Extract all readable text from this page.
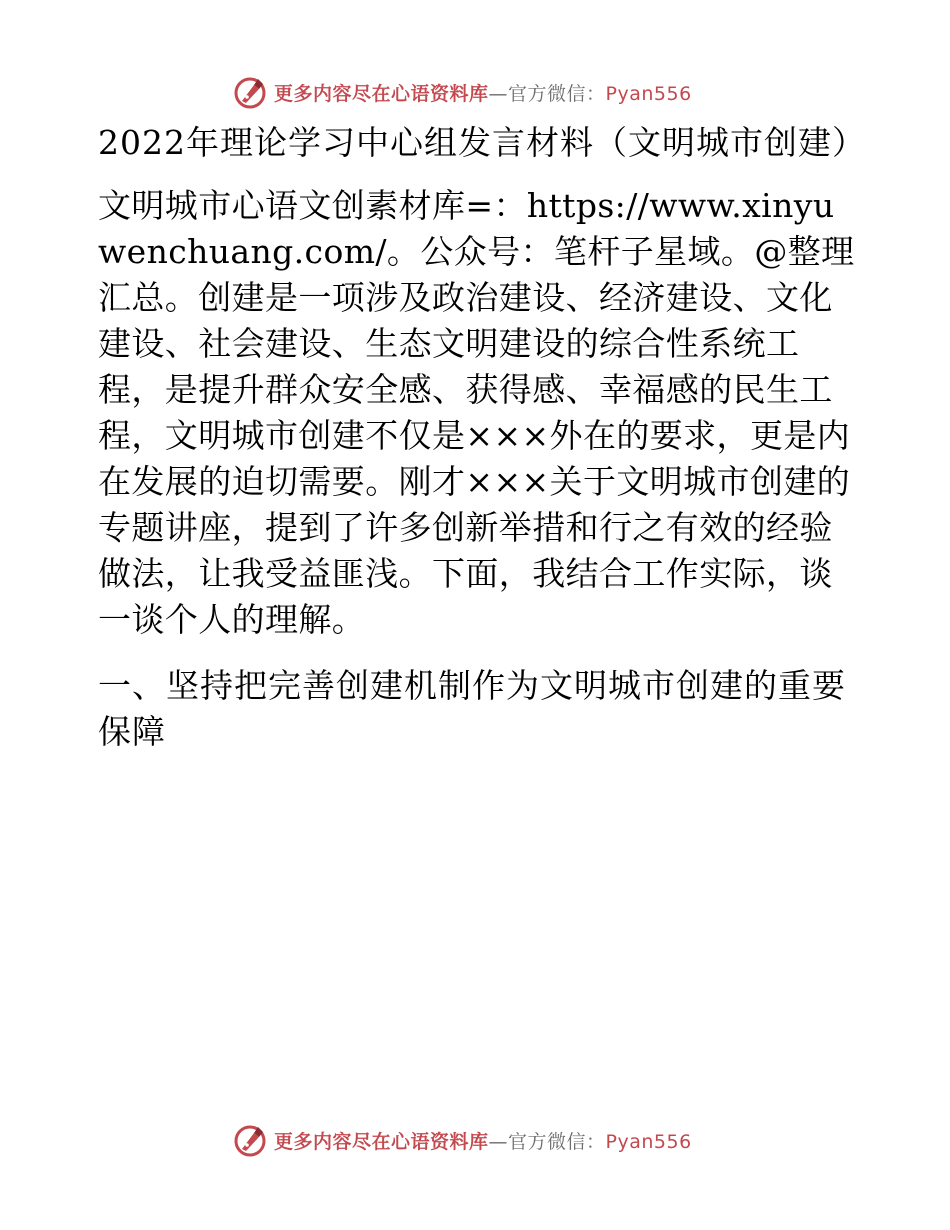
更多内容尽在心语资料库—官方微信：Pyan556
2022年理论学习中心组发言材料（文明城市创建）

文明城市心语文创素材库=：https://www.xinyuwenchuang.com/。公众号：笔杆子星域。@整理汇总。创建是一项涉及政治建设、经济建设、文化建设、社会建设、生态文明建设的综合性系统工程，是提升群众安全感、获得感、幸福感的民生工程，文明城市创建不仅是×××外在的要求，更是内在发展的迫切需要。刚才×××关于文明城市创建的专题讲座，提到了许多创新举措和行之有效的经验做法，让我受益匪浅。下面，我结合工作实际，谈一谈个人的理解。

一、坚持把完善创建机制作为文明城市创建的重要保障
更多内容尽在心语资料库—官方微信：Pyan556
